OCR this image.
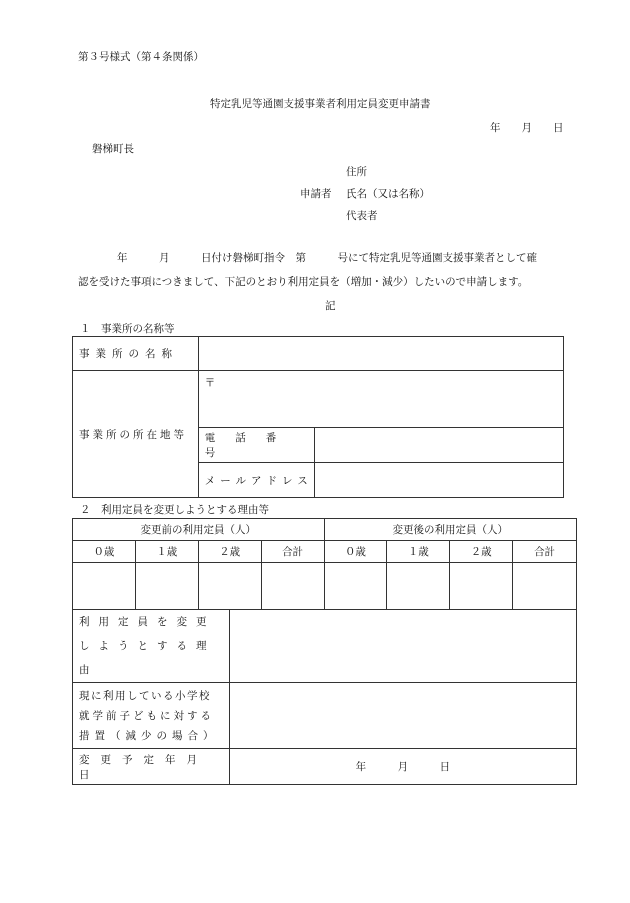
第３号様式（第４条関係）
特定乳児等通園支援事業者利用定員変更申請書
年　　月　　日
磐梯町長
住所
申請者 氏名（又は名称）
代表者
年　　　月　　　日付け磐梯町指令　第　　　号にて特定乳児等通園支援事業者として確
認を受けた事項につきまして、下記のとおり利用定員を（増加・減少）したいので申請します。
記
１　事業所の名称等
事業所の名称		
事業所の所在地等	〒	
	電話番号	
	メールアドレス	
２　利用定員を変更しようとする理由等
変更前の利用定員（人）				変更後の利用定員（人）			
０歳	１歳	２歳	合計	０歳	１歳	２歳	合計

利用定員を変更
しようとする理由	

現に利用している小学校
就学前子どもに対する
措置（減少の場合）	

変更予定年月日	年　　　月　　　日
